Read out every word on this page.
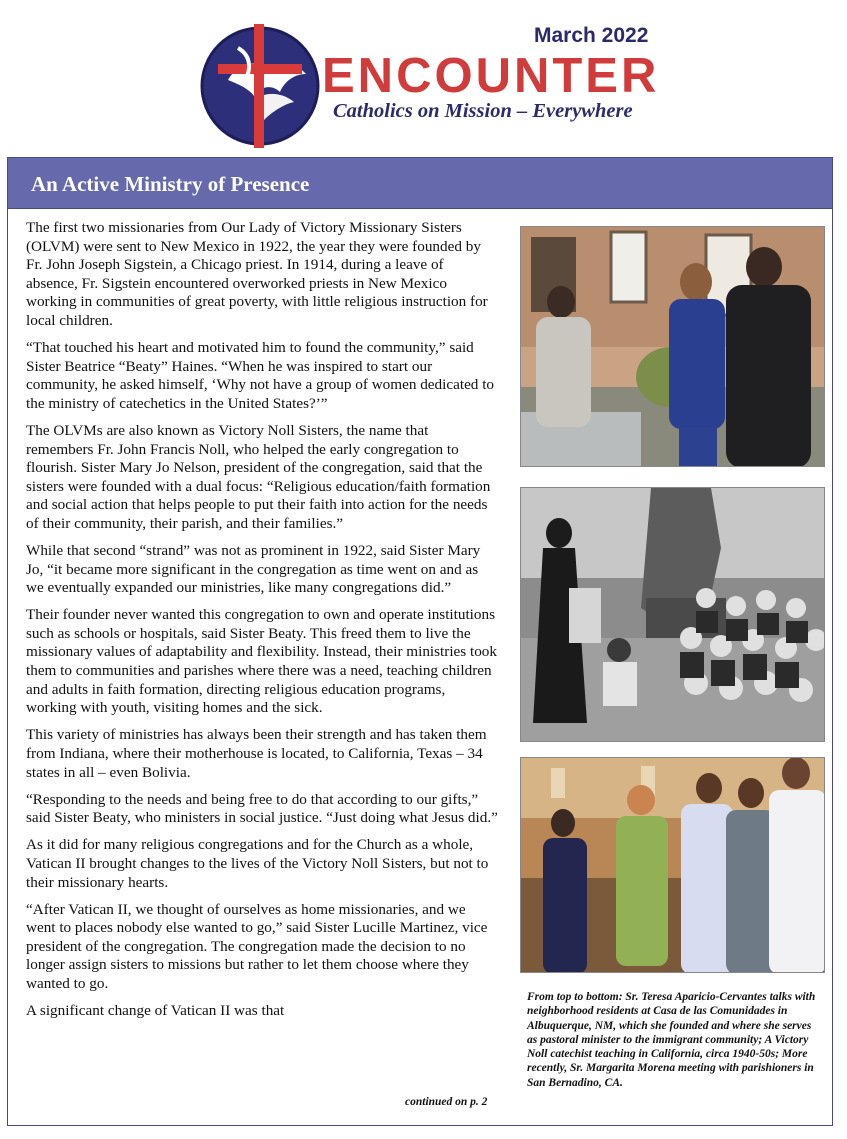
March 2022
ENCOUNTER
Catholics on Mission – Everywhere
An Active Ministry of Presence

The first two missionaries from Our Lady of Victory Missionary Sisters (OLVM) were sent to New Mexico in 1922, the year they were founded by Fr. John Joseph Sigstein, a Chicago priest. In 1914, during a leave of absence, Fr. Sigstein encountered overworked priests in New Mexico working in communities of great poverty, with little religious instruction for local children.

“That touched his heart and motivated him to found the community,” said Sister Beatrice “Beaty” Haines. “When he was inspired to start our community, he asked himself, ‘Why not have a group of women dedicated to the ministry of catechetics in the United States?’”

The OLVMs are also known as Victory Noll Sisters, the name that remembers Fr. John Francis Noll, who helped the early congregation to flourish. Sister Mary Jo Nelson, president of the congregation, said that the sisters were founded with a dual focus: “Religious education/faith formation and social action that helps people to put their faith into action for the needs of their community, their parish, and their families.”

While that second “strand” was not as prominent in 1922, said Sister Mary Jo, “it became more significant in the congregation as time went on and as we eventually expanded our ministries, like many congregations did.”

Their founder never wanted this congregation to own and operate institutions such as schools or hospitals, said Sister Beaty. This freed them to live the missionary values of adaptability and flexibility. Instead, their ministries took them to communities and parishes where there was a need, teaching children and adults in faith formation, directing religious education programs, working with youth, visiting homes and the sick.

This variety of ministries has always been their strength and has taken them from Indiana, where their motherhouse is located, to California, Texas – 34 states in all – even Bolivia.

“Responding to the needs and being free to do that according to our gifts,” said Sister Beaty, who ministers in social justice. “Just doing what Jesus did.”

As it did for many religious congregations and for the Church as a whole, Vatican II brought changes to the lives of the Victory Noll Sisters, but not to their missionary hearts.

“After Vatican II, we thought of ourselves as home missionaries, and we went to places nobody else wanted to go,” said Sister Lucille Martinez, vice president of the congregation. The congregation made the decision to no longer assign sisters to missions but rather to let them choose where they wanted to go.

A significant change of Vatican II was that

continued on p. 2
From top to bottom: Sr. Teresa Aparicio-Cervantes talks with neighborhood residents at Casa de las Comunidades in Albuquerque, NM, which she founded and where she serves as pastoral minister to the immigrant community; A Victory Noll catechist teaching in California, circa 1940-50s; More recently, Sr. Margarita Morena meeting with parishioners in San Bernadino, CA.
